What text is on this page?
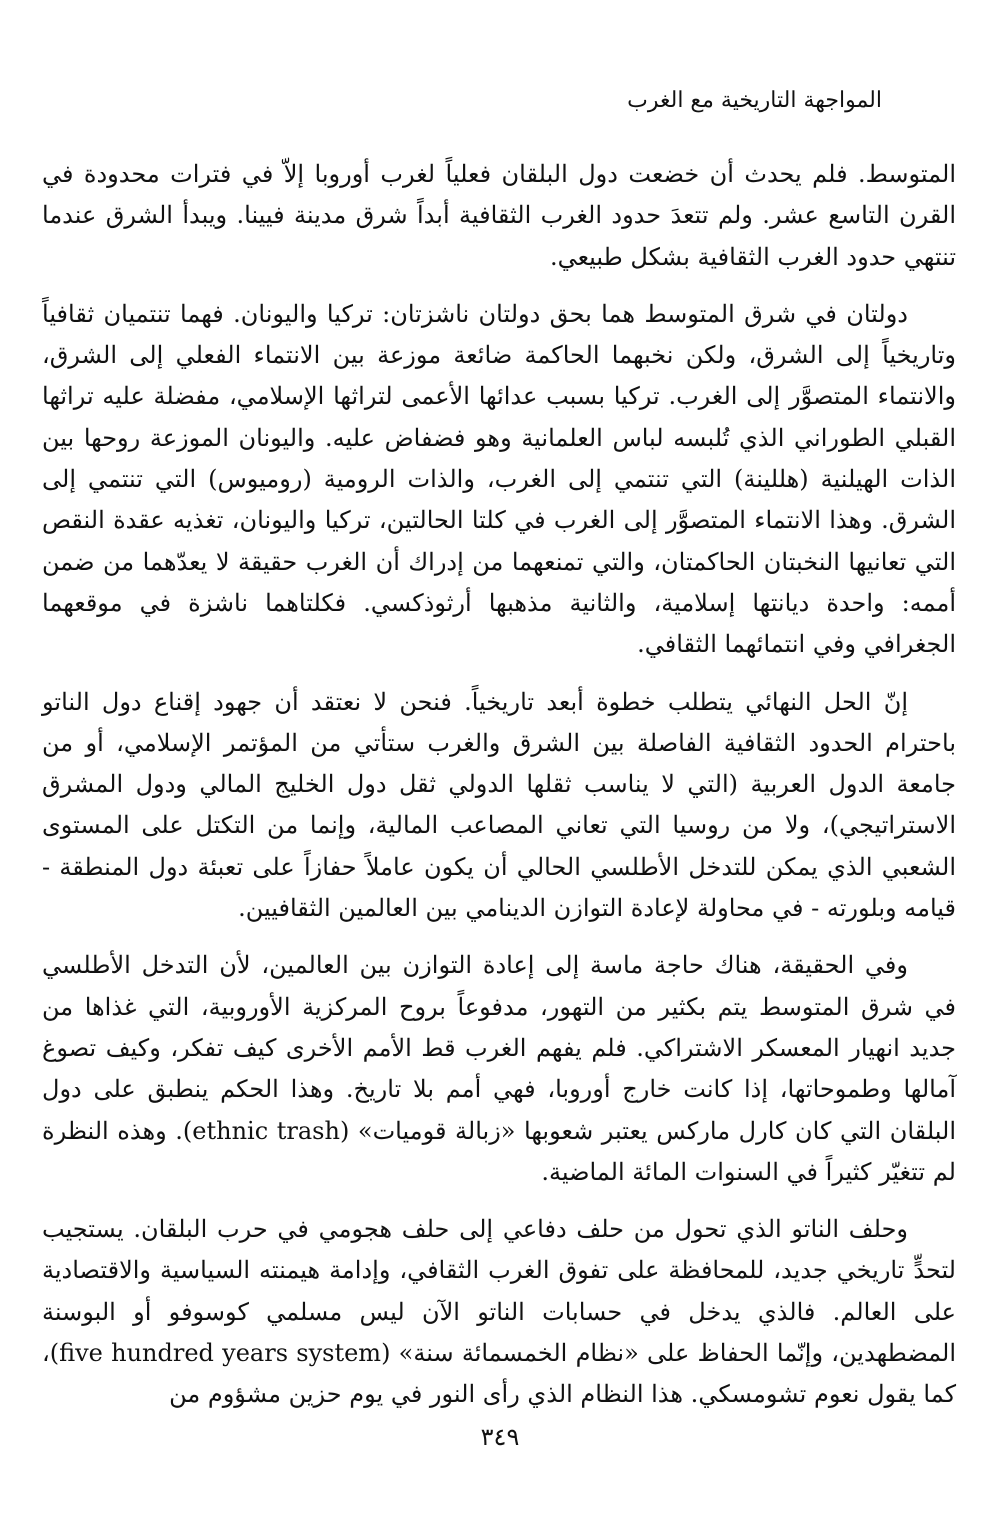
المواجهة التاريخية مع الغرب

المتوسط. فلم يحدث أن خضعت دول البلقان فعلياً لغرب أوروبا إلاّ في فترات محدودة في القرن التاسع عشر. ولم تتعدَ حدود الغرب الثقافية أبداً شرق مدينة فيينا. ويبدأ الشرق عندما تنتهي حدود الغرب الثقافية بشكل طبيعي.

دولتان في شرق المتوسط هما بحق دولتان ناشزتان: تركيا واليونان. فهما تنتميان ثقافياً وتاريخياً إلى الشرق، ولكن نخبهما الحاكمة ضائعة موزعة بين الانتماء الفعلي إلى الشرق، والانتماء المتصوَّر إلى الغرب. تركيا بسبب عدائها الأعمى لتراثها الإسلامي، مفضلة عليه تراثها القبلي الطوراني الذي تُلبسه لباس العلمانية وهو فضفاض عليه. واليونان الموزعة روحها بين الذات الهيلنية (هللينة) التي تنتمي إلى الغرب، والذات الرومية (روميوس) التي تنتمي إلى الشرق. وهذا الانتماء المتصوَّر إلى الغرب في كلتا الحالتين، تركيا واليونان، تغذيه عقدة النقص التي تعانيها النخبتان الحاكمتان، والتي تمنعهما من إدراك أن الغرب حقيقة لا يعدّهما من ضمن أممه: واحدة ديانتها إسلامية، والثانية مذهبها أرثوذكسي. فكلتاهما ناشزة في موقعهما الجغرافي وفي انتمائهما الثقافي.

إنّ الحل النهائي يتطلب خطوة أبعد تاريخياً. فنحن لا نعتقد أن جهود إقناع دول الناتو باحترام الحدود الثقافية الفاصلة بين الشرق والغرب ستأتي من المؤتمر الإسلامي، أو من جامعة الدول العربية (التي لا يناسب ثقلها الدولي ثقل دول الخليج المالي ودول المشرق الاستراتيجي)، ولا من روسيا التي تعاني المصاعب المالية، وإنما من التكتل على المستوى الشعبي الذي يمكن للتدخل الأطلسي الحالي أن يكون عاملاً حفازاً على تعبئة دول المنطقة - قيامه وبلورته - في محاولة لإعادة التوازن الدينامي بين العالمين الثقافيين.

وفي الحقيقة، هناك حاجة ماسة إلى إعادة التوازن بين العالمين، لأن التدخل الأطلسي في شرق المتوسط يتم بكثير من التهور، مدفوعاً بروح المركزية الأوروبية، التي غذاها من جديد انهيار المعسكر الاشتراكي. فلم يفهم الغرب قط الأمم الأخرى كيف تفكر، وكيف تصوغ آمالها وطموحاتها، إذا كانت خارج أوروبا، فهي أمم بلا تاريخ. وهذا الحكم ينطبق على دول البلقان التي كان كارل ماركس يعتبر شعوبها «زبالة قوميات» (ethnic trash). وهذه النظرة لم تتغيّر كثيراً في السنوات المائة الماضية.

وحلف الناتو الذي تحول من حلف دفاعي إلى حلف هجومي في حرب البلقان. يستجيب لتحدٍّ تاريخي جديد، للمحافظة على تفوق الغرب الثقافي، وإدامة هيمنته السياسية والاقتصادية على العالم. فالذي يدخل في حسابات الناتو الآن ليس مسلمي كوسوفو أو البوسنة المضطهدين، وإنّما الحفاظ على «نظام الخمسمائة سنة» (five hundred years system)، كما يقول نعوم تشومسكي. هذا النظام الذي رأى النور في يوم حزين مشؤوم من

٣٤٩
